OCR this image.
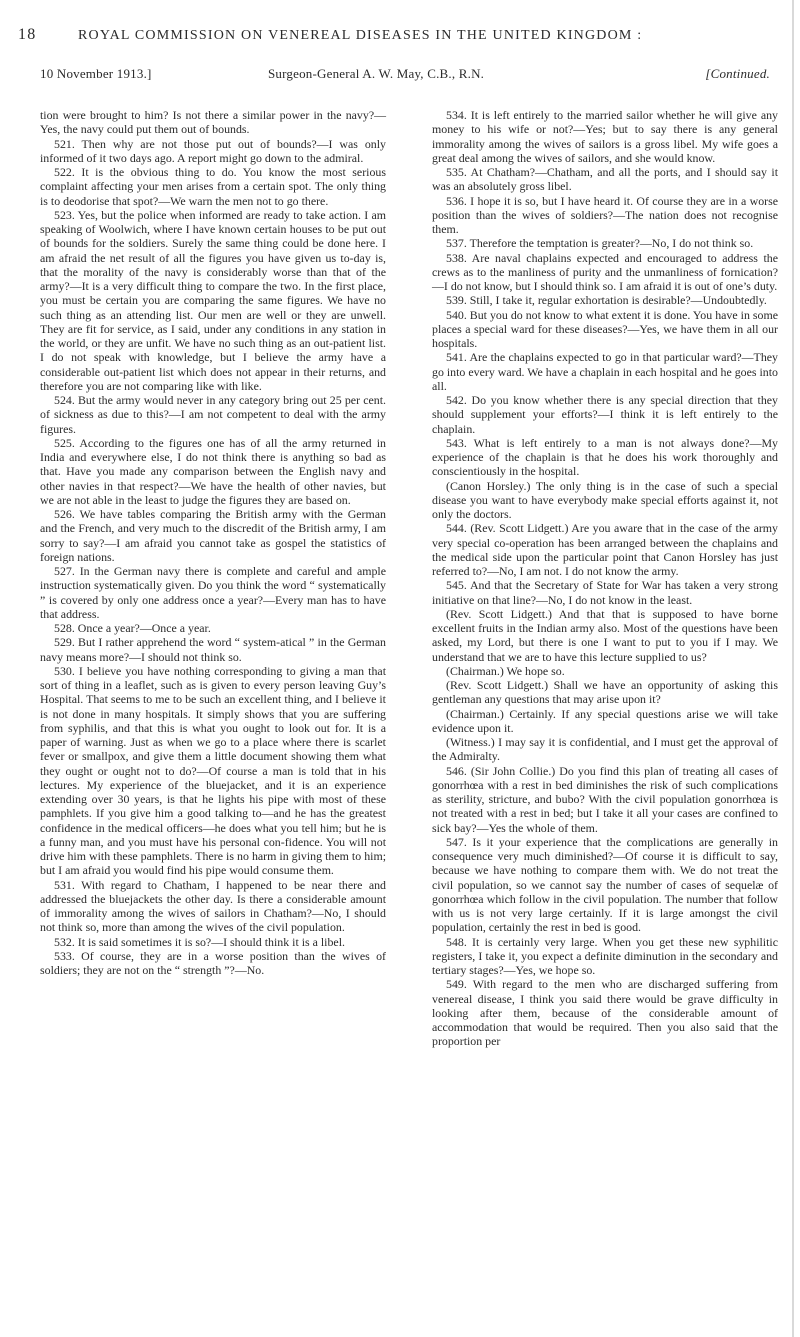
18	ROYAL COMMISSION ON VENEREAL DISEASES IN THE UNITED KINGDOM :
10 November 1913.]	Surgeon-General A. W. May, C.B., R.N.	[Continued.

tion were brought to him? Is not there a similar power in the navy?—Yes, the navy could put them out of bounds.

521. Then why are not those put out of bounds?—I was only informed of it two days ago. A report might go down to the admiral.

522. It is the obvious thing to do. You know the most serious complaint affecting your men arises from a certain spot. The only thing is to deodorise that spot?—We warn the men not to go there.

523. Yes, but the police when informed are ready to take action. I am speaking of Woolwich, where I have known certain houses to be put out of bounds for the soldiers. Surely the same thing could be done here. I am afraid the net result of all the figures you have given us to-day is, that the morality of the navy is considerably worse than that of the army?—It is a very difficult thing to compare the two. In the first place, you must be certain you are comparing the same figures. We have no such thing as an attending list. Our men are well or they are unwell. They are fit for service, as I said, under any conditions in any station in the world, or they are unfit. We have no such thing as an out-patient list. I do not speak with knowledge, but I believe the army have a considerable out-patient list which does not appear in their returns, and therefore you are not comparing like with like.

524. But the army would never in any category bring out 25 per cent. of sickness as due to this?—I am not competent to deal with the army figures.

525. According to the figures one has of all the army returned in India and everywhere else, I do not think there is anything so bad as that. Have you made any comparison between the English navy and other navies in that respect?—We have the health of other navies, but we are not able in the least to judge the figures they are based on.

526. We have tables comparing the British army with the German and the French, and very much to the discredit of the British army, I am sorry to say?—I am afraid you cannot take as gospel the statistics of foreign nations.

527. In the German navy there is complete and careful and ample instruction systematically given. Do you think the word “ systematically ” is covered by only one address once a year?—Every man has to have that address.

528. Once a year?—Once a year.

529. But I rather apprehend the word “ system-atical ” in the German navy means more?—I should not think so.

530. I believe you have nothing corresponding to giving a man that sort of thing in a leaflet, such as is given to every person leaving Guy’s Hospital. That seems to me to be such an excellent thing, and I believe it is not done in many hospitals. It simply shows that you are suffering from syphilis, and that this is what you ought to look out for. It is a paper of warning. Just as when we go to a place where there is scarlet fever or smallpox, and give them a little document showing them what they ought or ought not to do?—Of course a man is told that in his lectures. My experience of the bluejacket, and it is an experience extending over 30 years, is that he lights his pipe with most of these pamphlets. If you give him a good talking to—and he has the greatest confidence in the medical officers—he does what you tell him; but he is a funny man, and you must have his personal con-fidence. You will not drive him with these pamphlets. There is no harm in giving them to him; but I am afraid you would find his pipe would consume them.

531. With regard to Chatham, I happened to be near there and addressed the bluejackets the other day. Is there a considerable amount of immorality among the wives of sailors in Chatham?—No, I should not think so, more than among the wives of the civil population.

532. It is said sometimes it is so?—I should think it is a libel.

533. Of course, they are in a worse position than the wives of soldiers; they are not on the “ strength ”?—No.

534. It is left entirely to the married sailor whether he will give any money to his wife or not?—Yes; but to say there is any general immorality among the wives of sailors is a gross libel. My wife goes a great deal among the wives of sailors, and she would know.

535. At Chatham?—Chatham, and all the ports, and I should say it was an absolutely gross libel.

536. I hope it is so, but I have heard it. Of course they are in a worse position than the wives of soldiers?—The nation does not recognise them.

537. Therefore the temptation is greater?—No, I do not think so.

538. Are naval chaplains expected and encouraged to address the crews as to the manliness of purity and the unmanliness of fornication?—I do not know, but I should think so. I am afraid it is out of one’s duty.

539. Still, I take it, regular exhortation is desirable?—Undoubtedly.

540. But you do not know to what extent it is done. You have in some places a special ward for these diseases?—Yes, we have them in all our hospitals.

541. Are the chaplains expected to go in that particular ward?—They go into every ward. We have a chaplain in each hospital and he goes into all.

542. Do you know whether there is any special direction that they should supplement your efforts?—I think it is left entirely to the chaplain.

543. What is left entirely to a man is not always done?—My experience of the chaplain is that he does his work thoroughly and conscientiously in the hospital.

(Canon Horsley.) The only thing is in the case of such a special disease you want to have everybody make special efforts against it, not only the doctors.

544. (Rev. Scott Lidgett.) Are you aware that in the case of the army very special co-operation has been arranged between the chaplains and the medical side upon the particular point that Canon Horsley has just referred to?—No, I am not. I do not know the army.

545. And that the Secretary of State for War has taken a very strong initiative on that line?—No, I do not know in the least.

(Rev. Scott Lidgett.) And that that is supposed to have borne excellent fruits in the Indian army also. Most of the questions have been asked, my Lord, but there is one I want to put to you if I may. We understand that we are to have this lecture supplied to us?

(Chairman.) We hope so.

(Rev. Scott Lidgett.) Shall we have an opportunity of asking this gentleman any questions that may arise upon it?

(Chairman.) Certainly. If any special questions arise we will take evidence upon it.

(Witness.) I may say it is confidential, and I must get the approval of the Admiralty.

546. (Sir John Collie.) Do you find this plan of treating all cases of gonorrhœa with a rest in bed diminishes the risk of such complications as sterility, stricture, and bubo? With the civil population gonorrhœa is not treated with a rest in bed; but I take it all your cases are confined to sick bay?—Yes the whole of them.

547. Is it your experience that the complications are generally in consequence very much diminished?—Of course it is difficult to say, because we have nothing to compare them with. We do not treat the civil population, so we cannot say the number of cases of sequelæ of gonorrhœa which follow in the civil population. The number that follow with us is not very large certainly. If it is large amongst the civil population, certainly the rest in bed is good.

548. It is certainly very large. When you get these new syphilitic registers, I take it, you expect a definite diminution in the secondary and tertiary stages?—Yes, we hope so.

549. With regard to the men who are discharged suffering from venereal disease, I think you said there would be grave difficulty in looking after them, because of the considerable amount of accommodation that would be required. Then you also said that the proportion per
